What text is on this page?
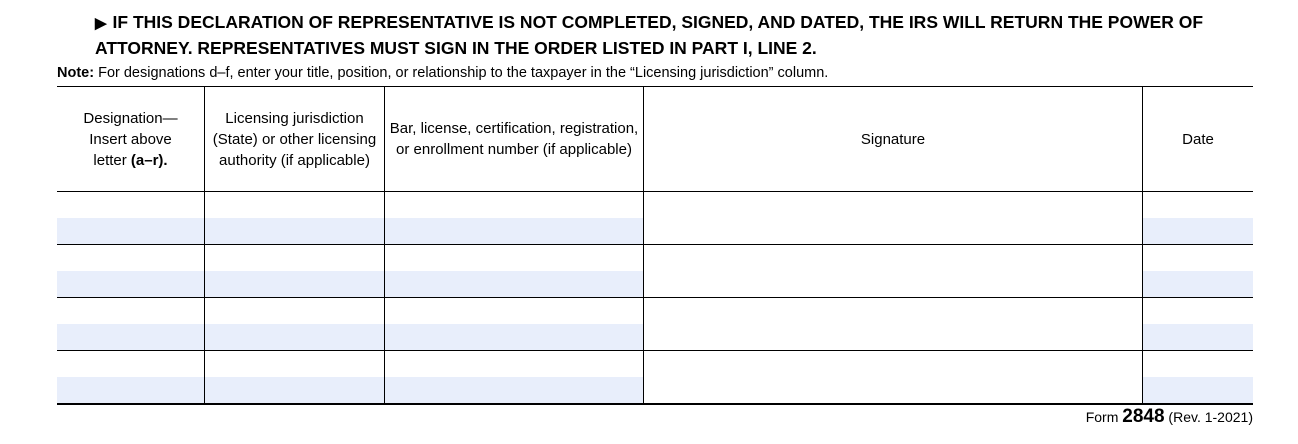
▶ IF THIS DECLARATION OF REPRESENTATIVE IS NOT COMPLETED, SIGNED, AND DATED, THE IRS WILL RETURN THE POWER OF ATTORNEY. REPRESENTATIVES MUST SIGN IN THE ORDER LISTED IN PART I, LINE 2.
Note: For designations d–f, enter your title, position, or relationship to the taxpayer in the “Licensing jurisdiction” column.
Designation—
Insert above
letter (a–r).	Licensing jurisdiction (State) or other licensing authority (if applicable)	Bar, license, certification, registration, or enrollment number (if applicable)	Signature	Date

Form 2848 (Rev. 1-2021)
